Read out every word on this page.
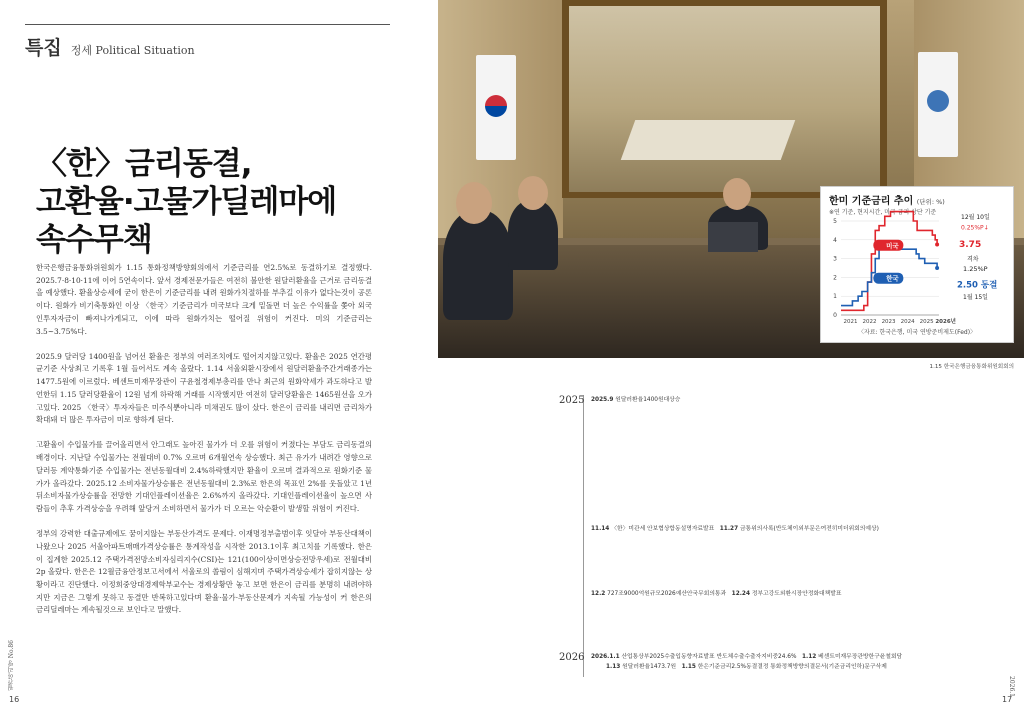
특집 정세 Political Situation
〈한〉금리동결,
고환율·고물가딜레마에
속수무책

한국은행금융통화위원회가 1.15 통화정책방향회의에서 기준금리를 연2.5%로 동결하기로 결정했다. 2025.7·8·10·11에 이어 5연속이다. 앞서 경제전문가들은 여전히 불안한 원달러환율을 근거로 금리동결을 예상했다. 환율상승세에 굳이 한은이 기준금리를 내려 원화가치절하를 부추길 이유가 없다는것이 공론이다. 원화가 비기축통화인 이상 〈한국〉기준금리가 미국보다 크게 밑돌면 더 높은 수익률을 쫓아 외국인투자자금이 빠져나가게되고, 이에 따라 원화가치는 떨어질 위험이 커진다. 미의 기준금리는 3.5~3.75%다.

2025.9 달러당 1400원을 넘어선 환율은 정부의 여러조치에도 떨어지지않고있다. 환율은 2025 연간평균기준 사상최고 기록후 1월 들어서도 계속 올랐다. 1.14 서울외환시장에서 원달러환율주간거래종가는 1477.5원에 이르렀다. 베센트미재무장관이 구윤철경제부총리를 만나 최근의 원화약세가 과도하다고 발언한뒤 1.15 달러당환율이 12원 넘게 하락해 거래를 시작했지만 여전히 달러당환율은 1465원선을 오가고있다. 2025 〈한국〉투자자들은 미주식뿐아니라 미채권도 많이 샀다. 한은이 금리를 내리면 금리차가 확대돼 더 많은 투자금이 미로 향하게 된다.

고환율이 수입물가를 끌어올리면서 안그래도 높아진 물가가 더 오를 위험이 커졌다는 부담도 금리동결의 배경이다. 지난달 수입물가는 전월대비 0.7% 오르며 6개월연속 상승했다. 최근 유가가 내려간 영향으로 달러등 계약통화기준 수입물가는 전년동월대비 2.4%하락했지만 환율이 오르며 결과적으로 원화기준 물가가 올라갔다. 2025.12 소비자물가상승률은 전년동월대비 2.3%로 한은의 목표인 2%를 웃돌았고 1년뒤소비자물가상승률을 전망한 기대인플레이션율은 2.6%까지 올라갔다. 기대인플레이션율이 높으면 사람들이 추후 가격상승을 우려해 앞당겨 소비하면서 물가가 더 오르는 악순환이 발생할 위험이 커진다.

정부의 강력한 대출규제에도 꿈이지않는 부동산가격도 문제다. 이재명정부출범이후 잇달아 부동산대책이 나왔으나 2025 서울아파트매매가격상승률은 통계작성을 시작한 2013.1이후 최고치를 기록했다. 한은이 집계한 2025.12 주택가격전망소비자심리지수(CSI)는 121(100이상이면상승전망우세)로 전월대비 2p 올랐다. 한은은 12월금융안정보고서에서 서울로의 쏠림이 심해지며 주택가격상승세가 잡히지않는 상황이라고 진단했다. 이정희중앙대경제학부교수는 경제상황만 놓고 보면 한은이 금리를 분명히 내려야하지만 지금은 그렇게 못하고 동결만 반복하고있다며 환율·물가·부동산문제가 지속될 가능성이 커 한은의 금리딜레마는 계속될것으로 보인다고 말했다.

월간아리랑 No.86
16
한미 기준금리 추이 (단위: %)
※연 기준, 현지시간, 미국 금리 상단 기준
0
1
2
3
4
5
2021 2022 2023 2024 2025 2026년
미국
한국
12월 10일
0.25%P↓
3.75
격차
1.25%P
2.50 동결
1월 15일
〈자료: 한국은행, 미국 연방준비제도(Fed)〉
1.15 한국은행금융통화위원회회의
2025 2025.9 원달러환율1400원대상승
11.14 〈한〉미관세 안보협상합동설명자료발표 11.27 금통위의사록(반도체이외부문은여전히미더위회의예상)
12.2 727조9000억원규모2026예산안국무회의통과 12.24 정부고강도외환시장안정화대책발표
2026 2026.1.1 산업통상부2025수출입동향자료발표 반도체수출수출자지비중24.6% 1.12 베센트미재무장관방한구윤철회담
1.13 원달러환율1473.7원 1.15 한은기준금리2.5%동결결정 통화정책방향의결문서(기준금리인하)문구삭제
2026.1
17
